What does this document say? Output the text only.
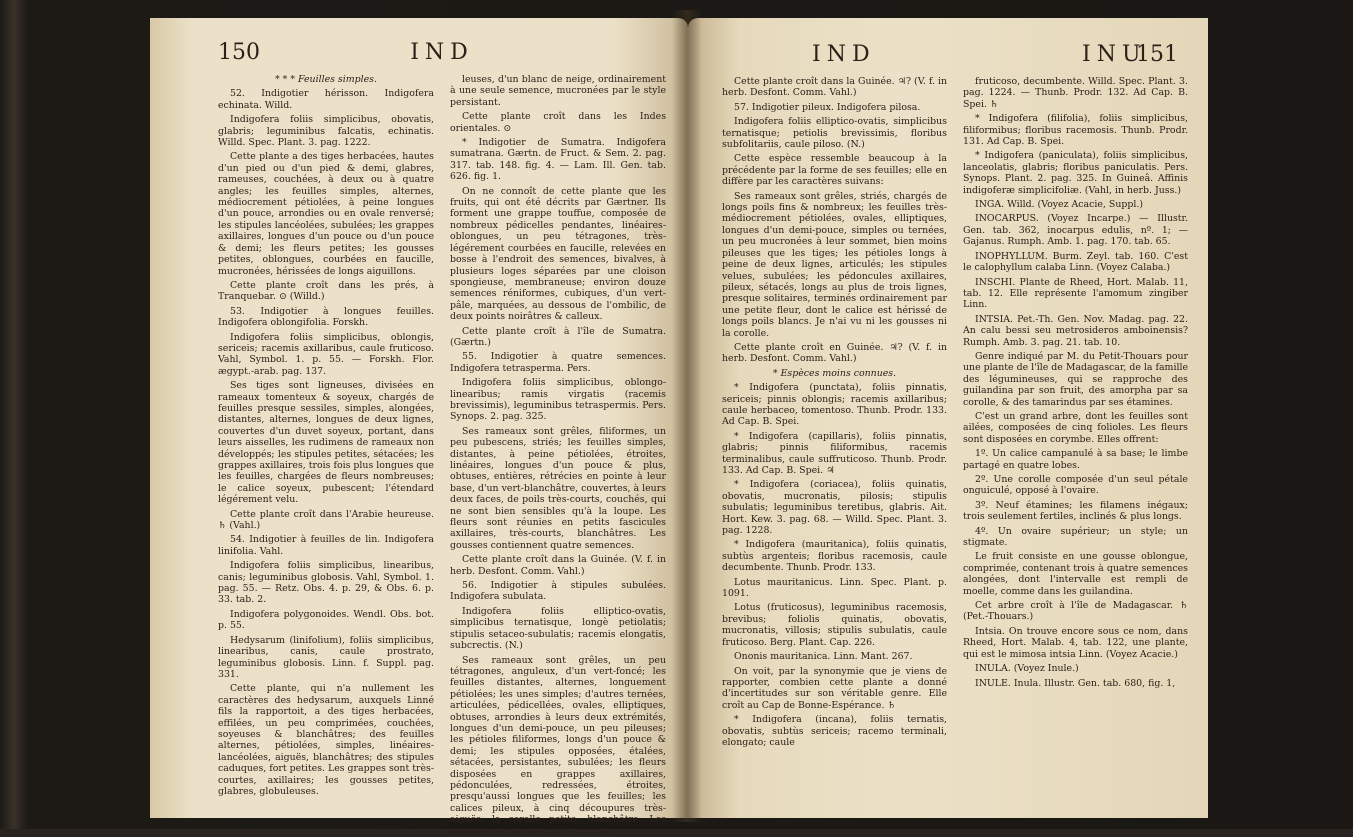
150	IND

* * * Feuilles simples.

52. Indigotier hérisson. Indigofera echinata. Willd.

Indigofera foliis simplicibus, obovatis, glabris; leguminibus falcatis, echinatis. Willd. Spec. Plant. 3. pag. 1222.

Cette plante a des tiges herbacées, hautes d'un pied ou d'un pied & demi, glabres, rameuses, couchées, à deux ou à quatre angles; les feuilles simples, alternes, médiocrement pétiolées, à peine longues d'un pouce, arrondies ou en ovale renversé; les stipules lancéolées, subulées; les grappes axillaires, longues d'un pouce ou d'un pouce & demi; les fleurs petites; les gousses petites, oblongues, courbées en faucille, mucronées, hérissées de longs aiguillons.

Cette plante croît dans les prés, à Tranquebar. ⊙ (Willd.)

53. Indigotier à longues feuilles. Indigofera oblongifolia. Forskh.

Indigofera foliis simplicibus, oblongis, sericeis; racemis axillaribus, caule fruticoso. Vahl, Symbol. 1. p. 55. — Forskh. Flor. ægypt.-arab. pag. 137.

Ses tiges sont ligneuses, divisées en rameaux tomenteux & soyeux, chargés de feuilles presque sessiles, simples, alongées, distantes, alternes, longues de deux lignes, couvertes d'un duvet soyeux, portant, dans leurs aisselles, les rudimens de rameaux non développés; les stipules petites, sétacées; les grappes axillaires, trois fois plus longues que les feuilles, chargées de fleurs nombreuses; le calice soyeux, pubescent; l'étendard légérement velu.

Cette plante croît dans l'Arabie heureuse. ♄ (Vahl.)

54. Indigotier à feuilles de lin. Indigofera linifolia. Vahl.

Indigofera foliis simplicibus, linearibus, canis; leguminibus globosis. Vahl, Symbol. 1. pag. 55. — Retz. Obs. 4. p. 29, & Obs. 6. p. 33. tab. 2.

Indigofera polygonoides. Wendl. Obs. bot. p. 55.

Hedysarum (linifolium), foliis simplicibus, linearibus, canis, caule prostrato, leguminibus globosis. Linn. f. Suppl. pag. 331.

Cette plante, qui n'a nullement les caractères des hedysarum, auxquels Linné fils la rapportoit, a des tiges herbacées, effilées, un peu comprimées, couchées, soyeuses & blanchâtres; des feuilles alternes, pétiolées, simples, linéaires-lancéolées, aiguës, blanchâtres; des stipules caduques, fort petites. Les grappes sont très-courtes, axillaires; les gousses petites, glabres, globuleuses.

leuses, d'un blanc de neige, ordinairement à une seule semence, mucronées par le style persistant.

Cette plante croît dans les Indes orientales. ⊙

* Indigotier de Sumatra. Indigofera sumatrana. Gærtn. de Fruct. & Sem. 2. pag. 317. tab. 148. fig. 4. — Lam. Ill. Gen. tab. 626. fig. 1.

On ne connoît de cette plante que les fruits, qui ont été décrits par Gærtner. Ils forment une grappe touffue, composée de nombreux pédicelles pendantes, linéaires-oblongues, un peu tétragones, très-légérement courbées en faucille, relevées en bosse à l'endroit des semences, bivalves, à plusieurs loges séparées par une cloison spongieuse, membraneuse; environ douze semences réniformes, cubiques, d'un vert-pâle, marquées, au dessous de l'ombilic, de deux points noirâtres & calleux.

Cette plante croît à l'île de Sumatra. (Gærtn.)

55. Indigotier à quatre semences. Indigofera tetrasperma. Pers.

Indigofera foliis simplicibus, oblongo-linearibus; ramis virgatis (racemis brevissimis), leguminibus tetraspermis. Pers. Synops. 2. pag. 325.

Ses rameaux sont grêles, filiformes, un peu pubescens, striés; les feuilles simples, distantes, à peine pétiolées, étroites, linéaires, longues d'un pouce & plus, obtuses, entières, rétrécies en pointe à leur base, d'un vert-blanchâtre, couvertes, à leurs deux faces, de poils très-courts, couchés, qui ne sont bien sensibles qu'à la loupe. Les fleurs sont réunies en petits fascicules axillaires, très-courts, blanchâtres. Les gousses contiennent quatre semences.

Cette plante croît dans la Guinée. (V. f. in herb. Desfont. Comm. Vahl.)

56. Indigotier à stipules subulées. Indigofera subulata.

Indigofera foliis elliptico-ovatis, simplicibus ternatisque, longè petiolatis; stipulis setaceo-subulatis; racemis elongatis, subcrectis. (N.)

Ses rameaux sont grêles, un peu tétragones, anguleux, d'un vert-foncé; les feuilles distantes, alternes, longuement pétiolées; les unes simples; d'autres ternées, articulées, pédicellées, ovales, elliptiques, obtuses, arrondies à leurs deux extrémités, longues d'un demi-pouce, un peu pileuses; les pétioles filiformes, longs d'un pouce & demi; les stipules opposées, étalées, sétacées, persistantes, subulées; les fleurs disposées en grappes axillaires, pédonculées, redressées, étroites, presqu'aussi longues que les feuilles; les calices pileux, à cinq découpures très-aiguës; la corolle petite, blanchâtre. Les gousses ne me sont point connues.

IND	INU
151

Cette plante croît dans la Guinée. ♃? (V. f. in herb. Desfont. Comm. Vahl.)

57. Indigotier pileux. Indigofera pilosa.

Indigofera foliis elliptico-ovatis, simplicibus ternatisque; petiolis brevissimis, floribus subfolitariis, caule piloso. (N.)

Cette espèce ressemble beaucoup à la précédente par la forme de ses feuilles; elle en diffère par les caractères suivans:

Ses rameaux sont grêles, striés, chargés de longs poils fins & nombreux; les feuilles très-médiocrement pétiolées, ovales, elliptiques, longues d'un demi-pouce, simples ou ternées, un peu mucronées à leur sommet, bien moins pileuses que les tiges; les pétioles longs à peine de deux lignes, articulés; les stipules velues, subulées; les pédoncules axillaires, pileux, sétacés, longs au plus de trois lignes, presque solitaires, terminés ordinairement par une petite fleur, dont le calice est hérissé de longs poils blancs. Je n'ai vu ni les gousses ni la corolle.

Cette plante croît en Guinée. ♃? (V. f. in herb. Desfont. Comm. Vahl.)

* Espèces moins connues.

* Indigofera (punctata), foliis pinnatis, sericeis; pinnis oblongis; racemis axillaribus; caule herbaceo, tomentoso. Thunb. Prodr. 133. Ad Cap. B. Spei.

* Indigofera (capillaris), foliis pinnatis, glabris; pinnis filiformibus, racemis terminalibus, caule suffruticoso. Thunb. Prodr. 133. Ad Cap. B. Spei. ♃

* Indigofera (coriacea), foliis quinatis, obovatis, mucronatis, pilosis; stipulis subulatis; leguminibus teretibus, glabris. Ait. Hort. Kew. 3. pag. 68. — Willd. Spec. Plant. 3. pag. 1228.

* Indigofera (mauritanica), foliis quinatis, subtùs argenteis; floribus racemosis, caule decumbente. Thunb. Prodr. 133.

Lotus mauritanicus. Linn. Spec. Plant. p. 1091.

Lotus (fruticosus), leguminibus racemosis, brevibus; foliolis quinatis, obovatis, mucronatis, villosis; stipulis subulatis, caule fruticoso. Berg. Plant. Cap. 226.

Ononis mauritanica. Linn. Mant. 267.

On voit, par la synonymie que je viens de rapporter, combien cette plante a donné d'incertitudes sur son véritable genre. Elle croît au Cap de Bonne-Espérance. ♄

* Indigofera (incana), foliis ternatis, obovatis, subtùs sericeis; racemo terminali, elongato; caule

fruticoso, decumbente. Willd. Spec. Plant. 3. pag. 1224. — Thunb. Prodr. 132. Ad Cap. B. Spei. ♄

* Indigofera (filifolia), foliis simplicibus, filiformibus; floribus racemosis. Thunb. Prodr. 131. Ad Cap. B. Spei.

* Indigofera (paniculata), foliis simplicibus, lanceolatis, glabris; floribus paniculatis. Pers. Synops. Plant. 2. pag. 325. In Guineâ. Affinis indigoferæ simplicifoliæ. (Vahl, in herb. Juss.)

INGA. Willd. (Voyez Acacie, Suppl.)

INOCARPUS. (Voyez Incarpe.) — Illustr. Gen. tab. 362, inocarpus edulis, nº. 1; — Gajanus. Rumph. Amb. 1. pag. 170. tab. 65.

INOPHYLLUM. Burm. Zeyl. tab. 160. C'est le calophyllum calaba Linn. (Voyez Calaba.)

INSCHI. Plante de Rheed, Hort. Malab. 11, tab. 12. Elle représente l'amomum zingiber Linn.

INTSIA. Pet.-Th. Gen. Nov. Madag. pag. 22. An calu bessi seu metrosideros amboinensis? Rumph. Amb. 3. pag. 21. tab. 10.

Genre indiqué par M. du Petit-Thouars pour une plante de l'île de Madagascar, de la famille des légumineuses, qui se rapproche des guilandina par son fruit, des amorpha par sa corolle, & des tamarindus par ses étamines.

C'est un grand arbre, dont les feuilles sont ailées, composées de cinq folioles. Les fleurs sont disposées en corymbe. Elles offrent:

1º. Un calice campanulé à sa base; le limbe partagé en quatre lobes.

2º. Une corolle composée d'un seul pétale onguiculé, opposé à l'ovaire.

3º. Neuf étamines; les filamens inégaux; trois seulement fertiles, inclinés & plus longs.

4º. Un ovaire supérieur; un style; un stigmate.

Le fruit consiste en une gousse oblongue, comprimée, contenant trois à quatre semences alongées, dont l'intervalle est rempli de moelle, comme dans les guilandina.

Cet arbre croît à l'île de Madagascar. ♄ (Pet.-Thouars.)

Intsia. On trouve encore sous ce nom, dans Rheed, Hort. Malab. 4, tab. 122, une plante, qui est le mimosa intsia Linn. (Voyez Acacie.)

INULA. (Voyez Inule.)

INULE. Inula. Illustr. Gen. tab. 680, fig. 1,
